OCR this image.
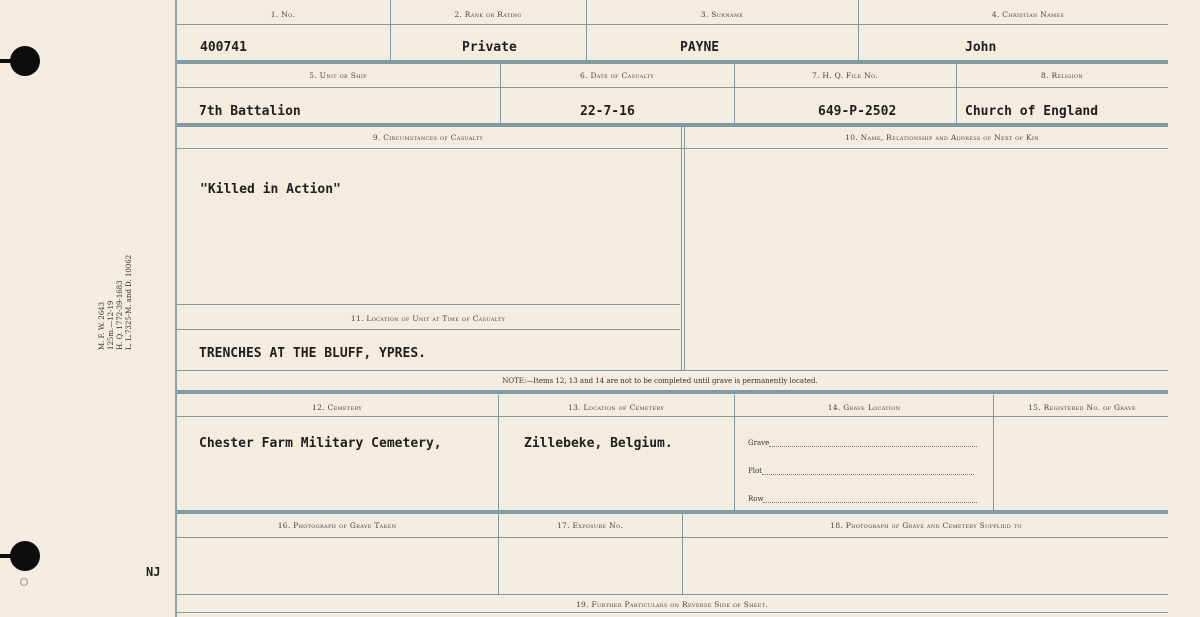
M. F. W. 2643 125m.—12-19 H. Q. 1772-39-1683 L. L.7325-M. and D. 10062
NJ
1. No.	2. Rank or Rating	3. Surname	4. Christian Names
400741	Private	PAYNE	John
5. Unit or Ship	6. Date of Casualty	7. H. Q. File No.	8. Religion
7th Battalion	22-7-16	649-P-2502	Church of England
9. Circumstances of Casualty	10. Name, Relationship and Address of Next of Kin
"Killed in Action"
11. Location of Unit at Time of Casualty
TRENCHES AT THE BLUFF, YPRES.
NOTE:—Items 12, 13 and 14 are not to be completed until grave is permanently located.
12. Cemetery	13. Location of Cemetery	14. Grave Location	15. Registered No. of Grave
Chester Farm Military Cemetery,	Zillebeke, Belgium.	Grave
Plot
Row
16. Photograph of Grave Taken	17. Exposure No.	18. Photograph of Grave and Cemetery Supplied to
19. Further Particulars on Reverse Side of Sheet.
